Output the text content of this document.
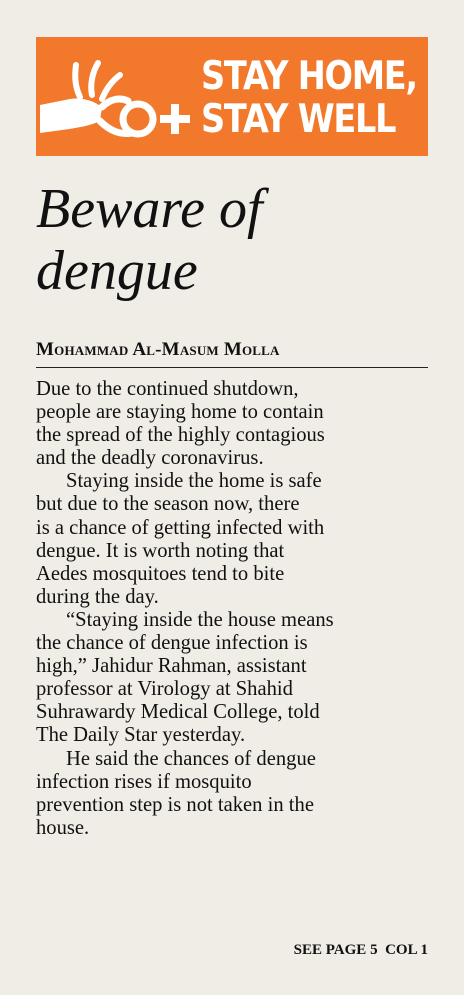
STAY HOME,
STAY WELL
Beware of
dengue
Mohammad Al-Masum Molla

Due to the continued shutdown,
people are staying home to contain
the spread of the highly contagious
and the deadly coronavirus.

Staying inside the home is safe
but due to the season now, there
is a chance of getting infected with
dengue. It is worth noting that
Aedes mosquitoes tend to bite
during the day.

“Staying inside the house means
the chance of dengue infection is
high,” Jahidur Rahman, assistant
professor at Virology at Shahid
Suhrawardy Medical College, told
The Daily Star yesterday.

He said the chances of dengue
infection rises if mosquito
prevention step is not taken in the
house.

SEE PAGE 5  COL 1
